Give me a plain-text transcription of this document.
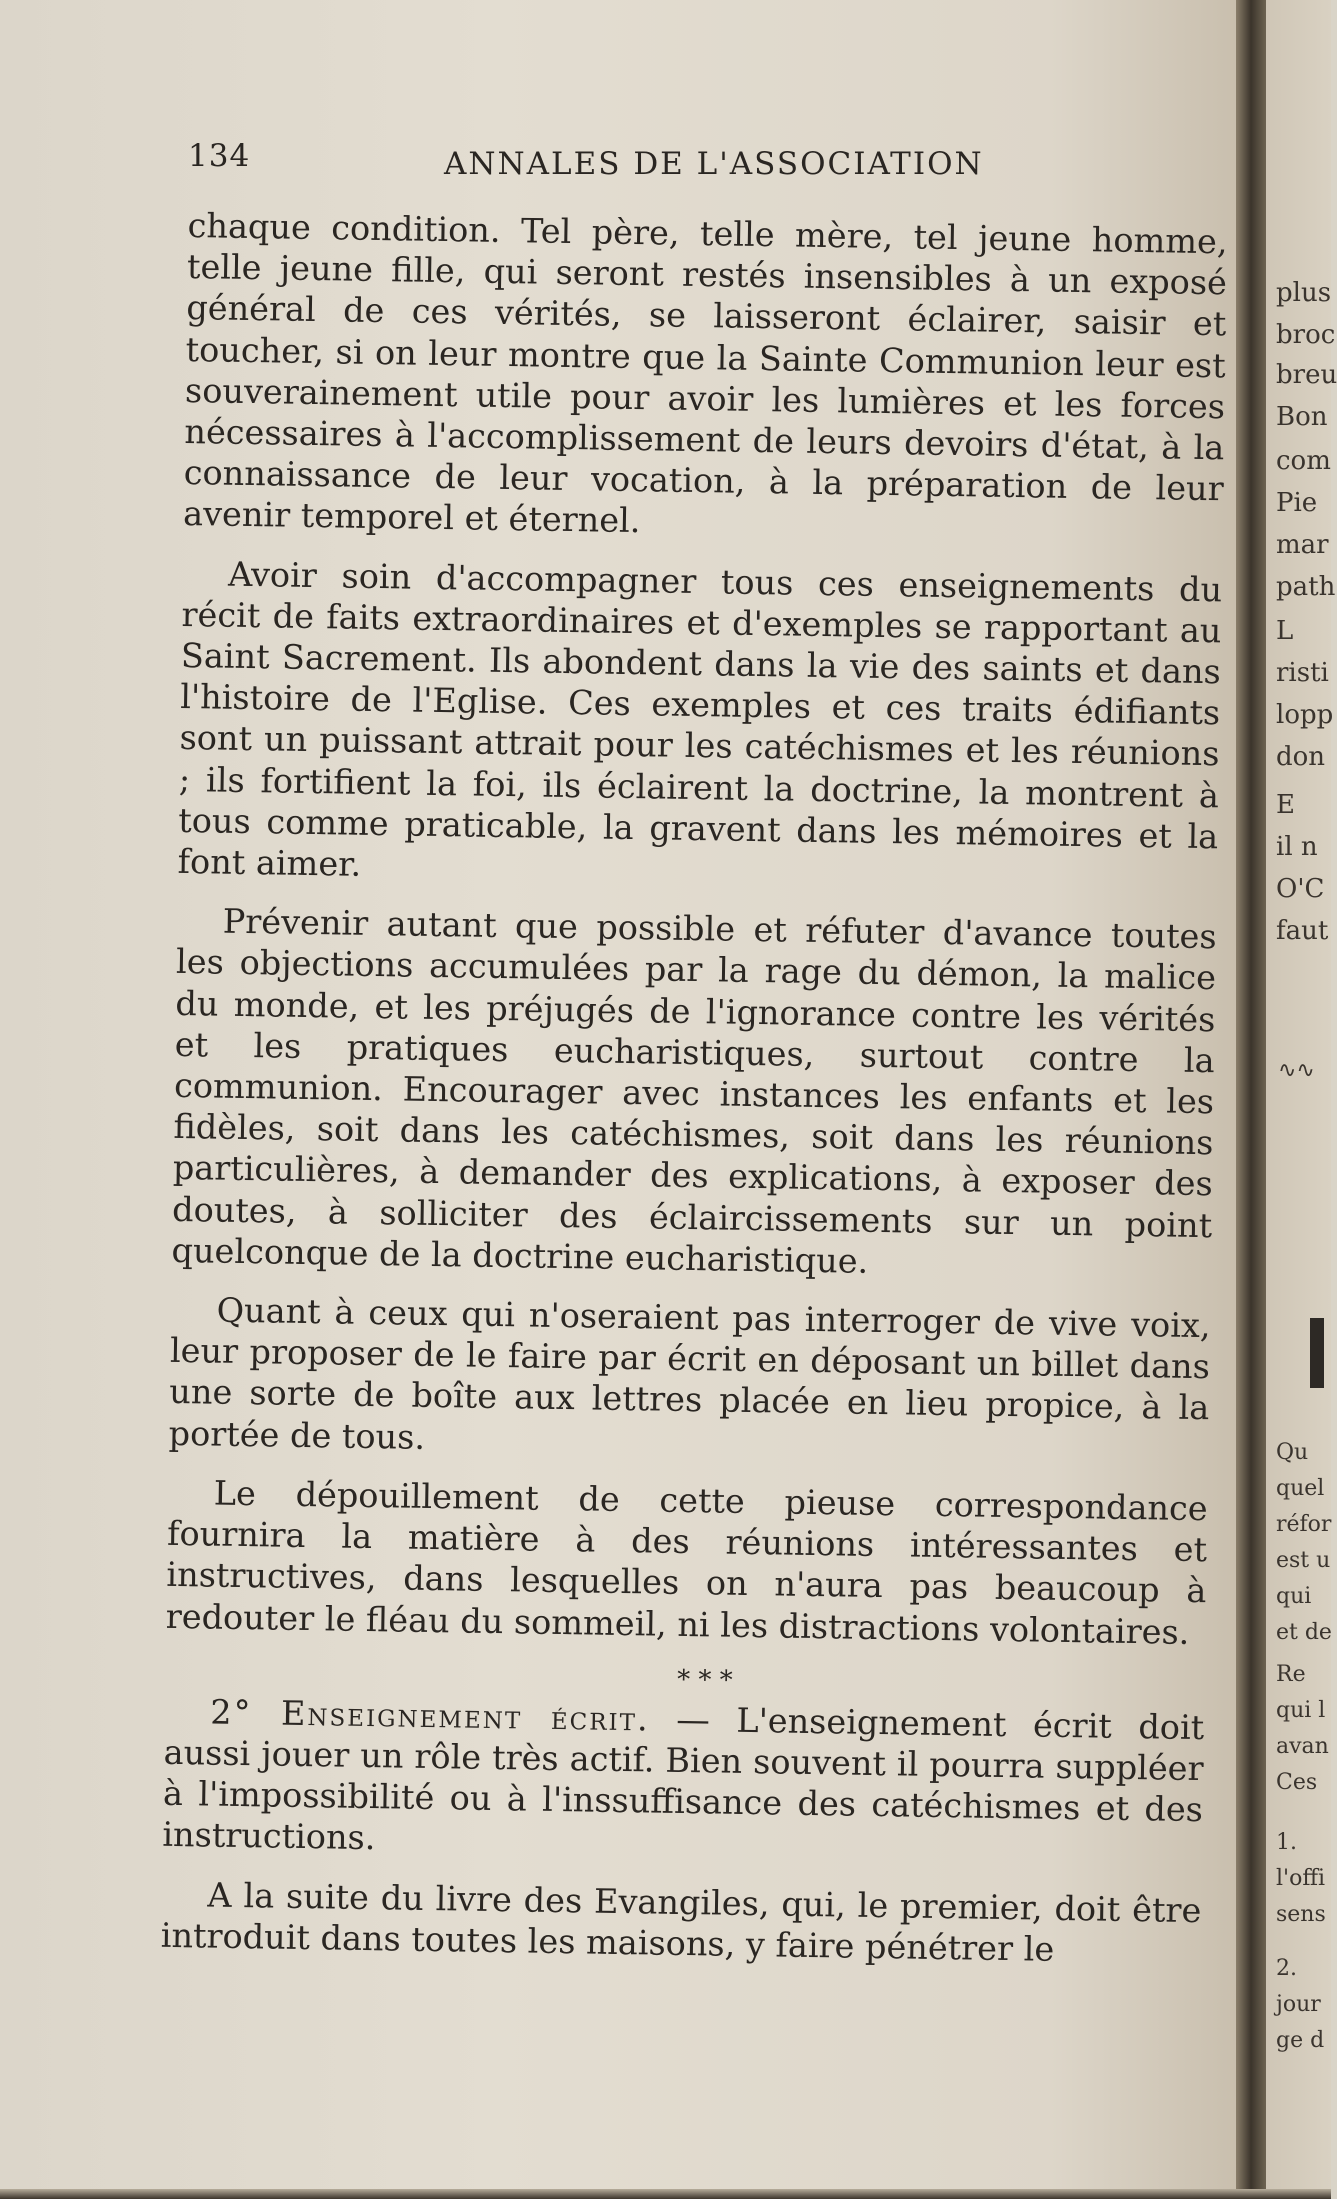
134	ANNALES DE L'ASSOCIATION

chaque condition. Tel père, telle mère, tel jeune homme, telle jeune fille, qui seront restés insensibles à un exposé général de ces vérités, se laisseront éclairer, saisir et toucher, si on leur montre que la Sainte Communion leur est souverainement utile pour avoir les lumières et les forces nécessaires à l'accomplissement de leurs devoirs d'état, à la connaissance de leur vocation, à la préparation de leur avenir temporel et éternel.

Avoir soin d'accompagner tous ces enseignements du récit de faits extraordinaires et d'exemples se rapportant au Saint Sacrement. Ils abondent dans la vie des saints et dans l'histoire de l'Eglise. Ces exemples et ces traits édifiants sont un puissant attrait pour les catéchismes et les réunions ; ils fortifient la foi, ils éclairent la doctrine, la montrent à tous comme praticable, la gravent dans les mémoires et la font aimer.

Prévenir autant que possible et réfuter d'avance toutes les objections accumulées par la rage du démon, la malice du monde, et les préjugés de l'ignorance contre les vérités et les pratiques eucharistiques, surtout contre la communion. Encourager avec instances les enfants et les fidèles, soit dans les catéchismes, soit dans les réunions particulières, à demander des explications, à exposer des doutes, à solliciter des éclaircissements sur un point quelconque de la doctrine eucharistique.

Quant à ceux qui n'oseraient pas interroger de vive voix, leur proposer de le faire par écrit en déposant un billet dans une sorte de boîte aux lettres placée en lieu propice, à la portée de tous.

Le dépouillement de cette pieuse correspondance fournira la matière à des réunions intéressantes et instructives, dans lesquelles on n'aura pas beaucoup à redouter le fléau du sommeil, ni les distractions volontaires.

* * *

2° Enseignement écrit. — L'enseignement écrit doit aussi jouer un rôle très actif. Bien souvent il pourra suppléer à l'impossibilité ou à l'inssuffisance des catéchismes et des instructions.

A la suite du livre des Evangiles, qui, le premier, doit être introduit dans toutes les maisons, y faire pénétrer le

plus
broc
breu
Bon
com
Pie
mar
path
L
risti
lopp
don
E
il n
O'C
faut
∿∿
Qu
quel
réfor
est u
qui
et de
Re
qui l
avan
Ces
1.
l'offi
sens
2.
jour
ge d
